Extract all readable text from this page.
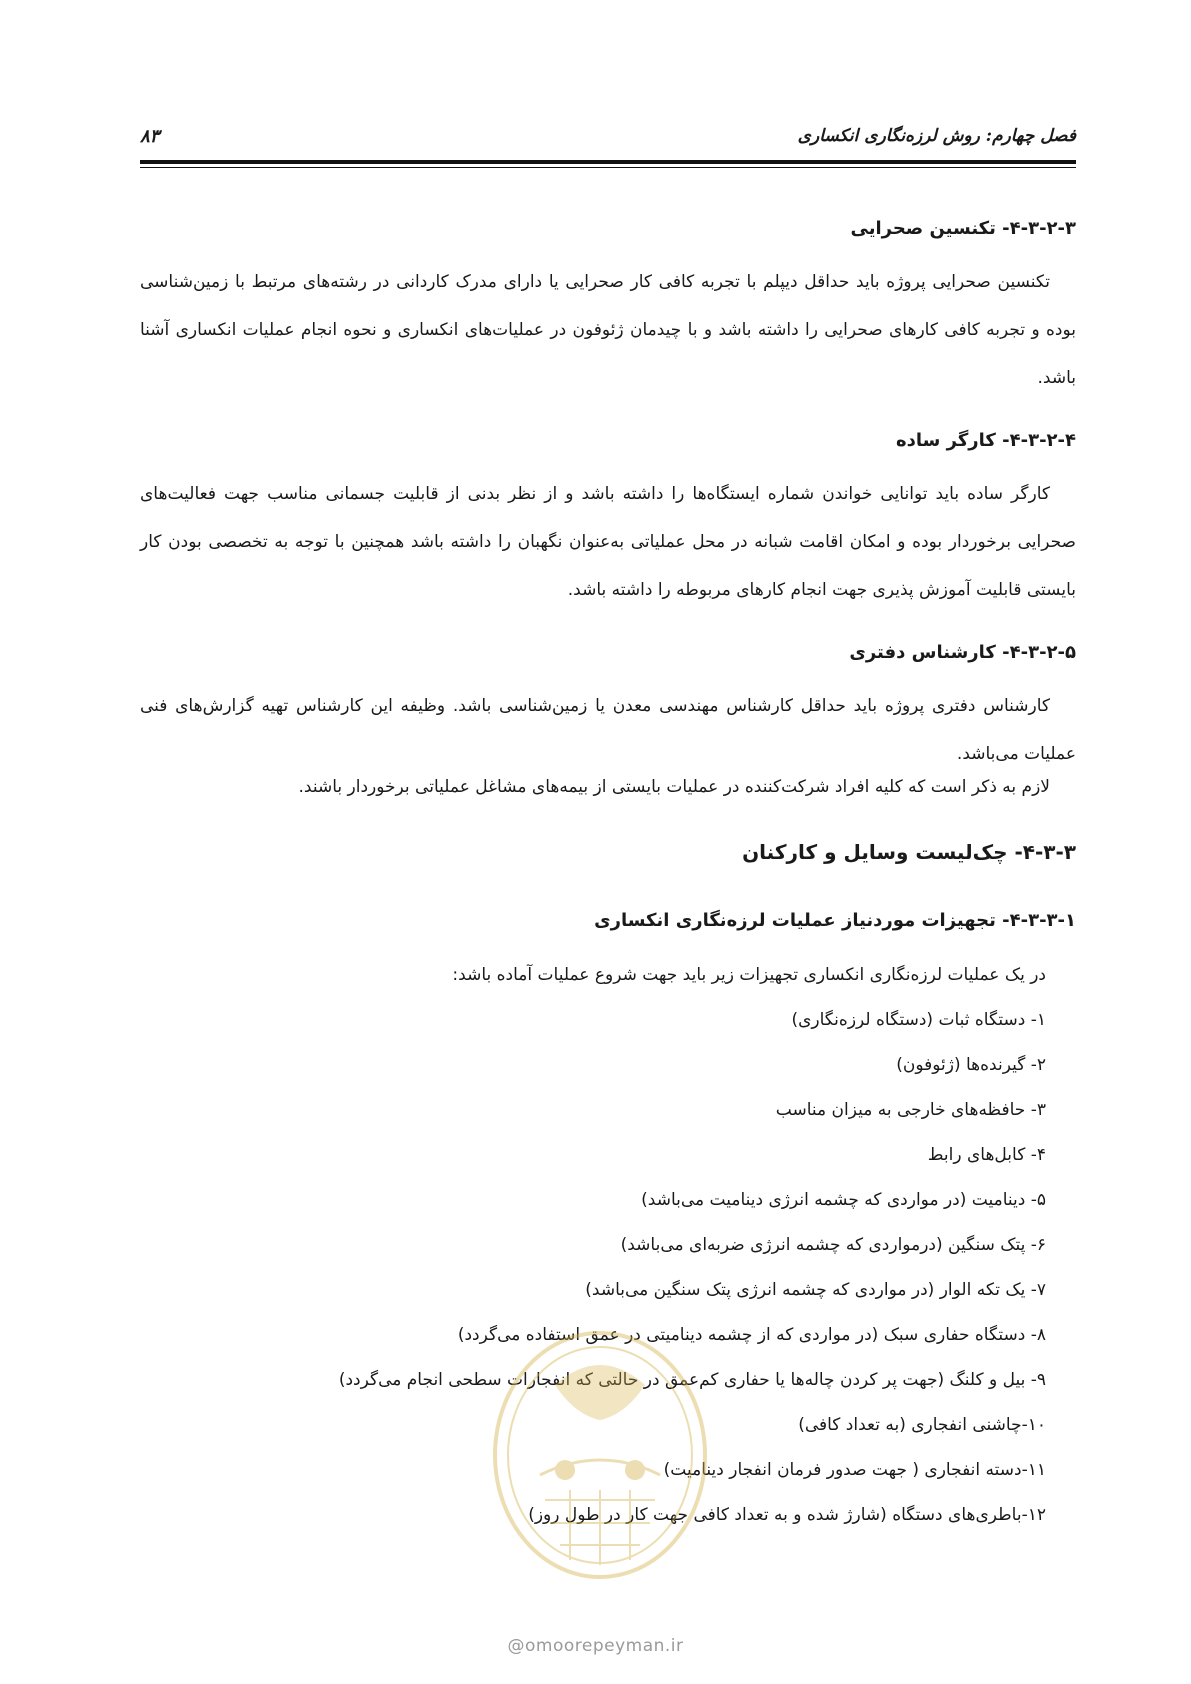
فصل چهارم: روش لرزه‌نگاری انکساری
۸۳
۴-۳-۲-۳- تکنسین صحرایی
تکنسین صحرایی پروژه باید حداقل دیپلم با تجربه کافی کار صحرایی یا دارای مدرک کاردانی در رشته‌های مرتبط با زمین‌شناسی بوده و تجربه کافی کارهای صحرایی را داشته باشد و با چیدمان ژئوفون در عملیات‌های انکساری و نحوه انجام عملیات انکساری آشنا باشد.
۴-۳-۲-۴- کارگر ساده
کارگر ساده باید توانایی خواندن شماره ایستگاه‌ها را داشته باشد و از نظر بدنی از قابلیت جسمانی مناسب جهت فعالیت‌های صحرایی برخوردار بوده و امکان اقامت شبانه در محل عملیاتی به‌عنوان نگهبان را داشته باشد همچنین با توجه به تخصصی بودن کار بایستی قابلیت آموزش پذیری جهت انجام کارهای مربوطه را داشته باشد.
۴-۳-۲-۵- کارشناس دفتری
کارشناس دفتری پروژه باید حداقل کارشناس مهندسی معدن یا زمین‌شناسی باشد. وظیفه این کارشناس تهیه گزارش‌های فنی عملیات می‌باشد.
لازم به ذکر است که کلیه افراد شرکت‌کننده در عملیات بایستی از بیمه‌های مشاغل عملیاتی برخوردار باشند.
۴-۳-۳- چک‌لیست وسایل و کارکنان
۴-۳-۳-۱- تجهیزات موردنیاز عملیات لرزه‌نگاری انکساری
در یک عملیات لرزه‌نگاری انکساری تجهیزات زیر باید جهت شروع عملیات آماده باشد:
۱- دستگاه ثبات (دستگاه لرزه‌نگاری)
۲- گیرنده‌ها (ژئوفون)
۳- حافظه‌های خارجی به میزان مناسب
۴- کابل‌های رابط
۵- دینامیت (در مواردی که چشمه انرژی دینامیت می‌باشد)
۶- پتک سنگین (درمواردی که چشمه انرژی ضربه‌ای می‌باشد)
۷- یک تکه الوار (در مواردی که چشمه انرژی پتک سنگین می‌باشد)
۸- دستگاه حفاری سبک (در مواردی که از چشمه دینامیتی در عمق استفاده می‌گردد)
۹- بیل و کلنگ (جهت پر کردن چاله‌ها یا حفاری کم‌عمق در حالتی که انفجارات سطحی انجام می‌گردد)
۱۰-چاشنی انفجاری (به تعداد کافی)
۱۱-دسته انفجاری ( جهت صدور فرمان انفجار دینامیت)
۱۲-باطری‌های دستگاه (شارژ شده و به تعداد کافی جهت کار در طول روز)
@omoorepeyman.ir
